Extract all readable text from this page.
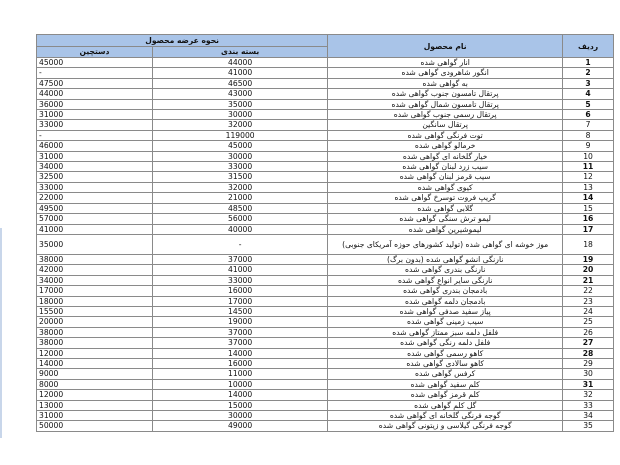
نحوه عرضه محصول		نام محصول	ردیف
دستچین	بسته بندی		
45000	44000	انار گواهی شده	1
-	41000	انگور شاهرودی گواهی شده	2
47500	46500	به گواهی شده	3
44000	43000	پرتقال تامسون جنوب گواهی شده	4
36000	35000	پرتقال تامسون شمال گواهی شده	5
31000	30000	پرتقال رسمی جنوب گواهی شده	6
33000	32000	پرتقال سانگین	7
-	119000	توت فرنگی گواهی شده	8
46000	45000	خرمالو گواهی شده	9
31000	30000	خیار گلخانه ای گواهی شده	10
34000	33000	سیب زرد لبنان گواهی شده	11
32500	31500	سیب قرمز لبنان گواهی شده	12
33000	32000	کیوی گواهی شده	13
22000	21000	گریپ فروت توسرخ گواهی شده	14
49500	48500	گلابی گواهی شده	15
57000	56000	لیمو ترش سنگی گواهی شده	16
41000	40000	لیموشیرین گواهی شده	17
35000	-	موز خوشه ای گواهی شده (تولید کشورهای حوزه آمریکای جنوبی)	18
38000	37000	نارنگی انشو گواهی شده (بدون برگ)	19
42000	41000	نارنگی بندری گواهی شده	20
34000	33000	نارنگی سایر انواع گواهی شده	21
17000	16000	بادمجان بندری گواهی شده	22
18000	17000	بادمجان دلمه گواهی شده	23
15500	14500	پیاز سفید صدفی گواهی شده	24
20000	19000	سیب زمینی گواهی شده	25
38000	37000	فلفل دلمه سبز ممتاز گواهی شده	26
38000	37000	فلفل دلمه رنگی گواهی شده	27
12000	14000	کاهو رسمی گواهی شده	28
14000	16000	کاهو سالادی گواهی شده	29
9000	11000	کرفس گواهی شده	30
8000	10000	کلم سفید گواهی شده	31
12000	14000	کلم قرمز گواهی شده	32
13000	15000	گل کلم گواهی شده	33
31000	30000	گوجه فرنگی گلخانه ای گواهی شده	34
50000	49000	گوجه فرنگی گیلاسی و زیتونی گواهی شده	35
